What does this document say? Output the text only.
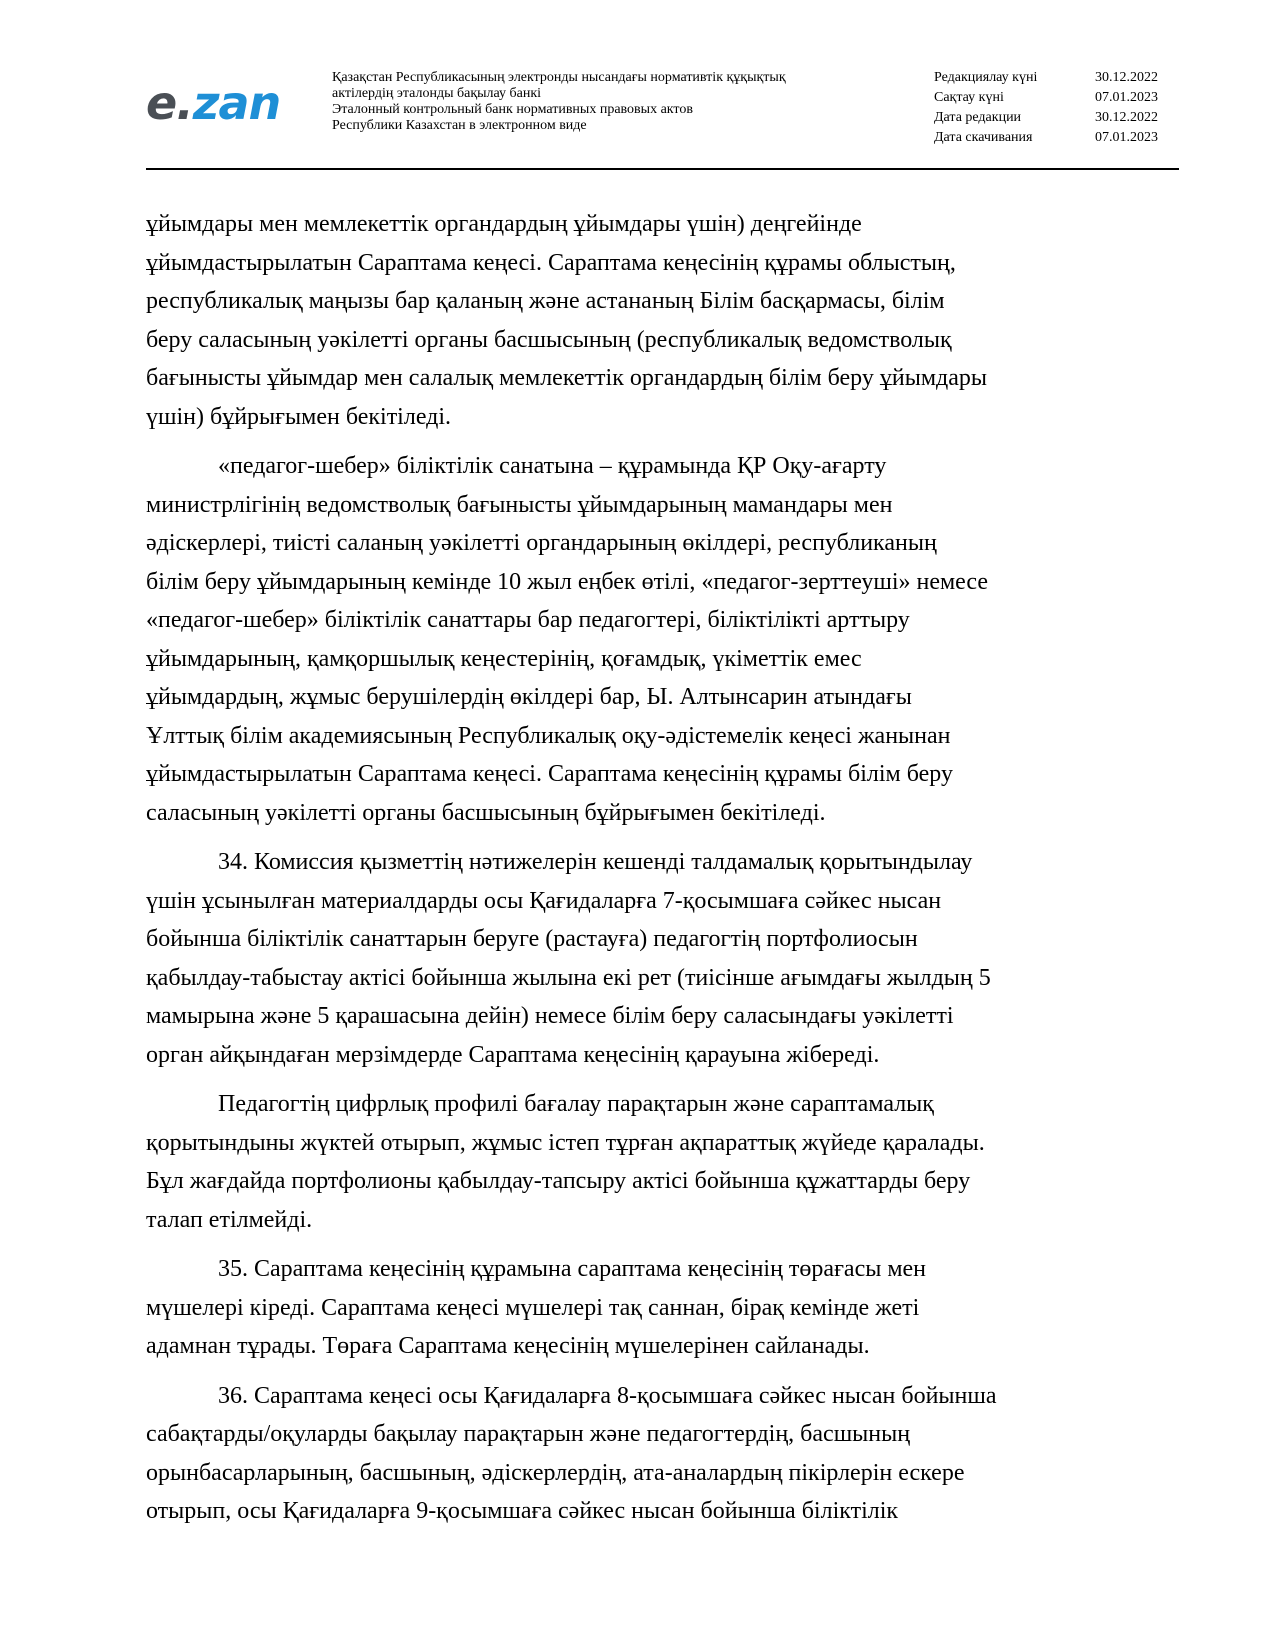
e . zan	Қазақстан Республикасының электронды нысандағы нормативтік құқықтық
актілердің эталонды бақылау банкі
Эталонный контрольный банк нормативных правовых актов
Республики Казахстан в электронном виде
Редакциялау күні	30.12.2022
Сақтау күні	07.01.2023
Дата редакции	30.12.2022
Дата скачивания	07.01.2023

ұйымдары мен мемлекеттік органдардың ұйымдары үшін) деңгейінде
ұйымдастырылатын Сараптама кеңесі. Сараптама кеңесінің құрамы облыстың,
республикалық маңызы бар қаланың және астананың Білім басқармасы, білім
беру саласының уәкілетті органы басшысының (республикалық ведомстволық
бағынысты ұйымдар мен салалық мемлекеттік органдардың білім беру ұйымдары
үшін) бұйрығымен бекітіледі.

«педагог-шебер» біліктілік санатына – құрамында ҚР Оқу-ағарту
министрлігінің ведомстволық бағынысты ұйымдарының мамандары мен
әдіскерлері, тиісті саланың уәкілетті органдарының өкілдері, республиканың
білім беру ұйымдарының кемінде 10 жыл еңбек өтілі, «педагог-зерттеуші» немесе
«педагог-шебер» біліктілік санаттары бар педагогтері, біліктілікті арттыру
ұйымдарының, қамқоршылық кеңестерінің, қоғамдық, үкіметтік емес
ұйымдардың, жұмыс берушілердің өкілдері бар, Ы. Алтынсарин атындағы
Ұлттық білім академиясының Республикалық оқу-әдістемелік кеңесі жанынан
ұйымдастырылатын Сараптама кеңесі. Сараптама кеңесінің құрамы білім беру
саласының уәкілетті органы басшысының бұйрығымен бекітіледі.

34. Комиссия қызметтің нәтижелерін кешенді талдамалық қорытындылау
үшін ұсынылған материалдарды осы Қағидаларға 7-қосымшаға сәйкес нысан
бойынша біліктілік санаттарын беруге (растауға) педагогтің портфолиосын
қабылдау-табыстау актісі бойынша жылына екі рет (тиісінше ағымдағы жылдың 5
мамырына және 5 қарашасына дейін) немесе білім беру саласындағы уәкілетті
орган айқындаған мерзімдерде Сараптама кеңесінің қарауына жібереді.

Педагогтің цифрлық профилі бағалау парақтарын және сараптамалық
қорытындыны жүктей отырып, жұмыс істеп тұрған ақпараттық жүйеде қаралады.
Бұл жағдайда портфолионы қабылдау-тапсыру актісі бойынша құжаттарды беру
талап етілмейді.

35. Сараптама кеңесінің құрамына сараптама кеңесінің төрағасы мен
мүшелері кіреді. Сараптама кеңесі мүшелері тақ саннан, бірақ кемінде жеті
адамнан тұрады. Төраға Сараптама кеңесінің мүшелерінен сайланады.

36. Сараптама кеңесі осы Қағидаларға 8-қосымшаға сәйкес нысан бойынша
сабақтарды/оқуларды бақылау парақтарын және педагогтердің, басшының
орынбасарларының, басшының, әдіскерлердің, ата-аналардың пікірлерін ескере
отырып, осы Қағидаларға 9-қосымшаға сәйкес нысан бойынша біліктілік
